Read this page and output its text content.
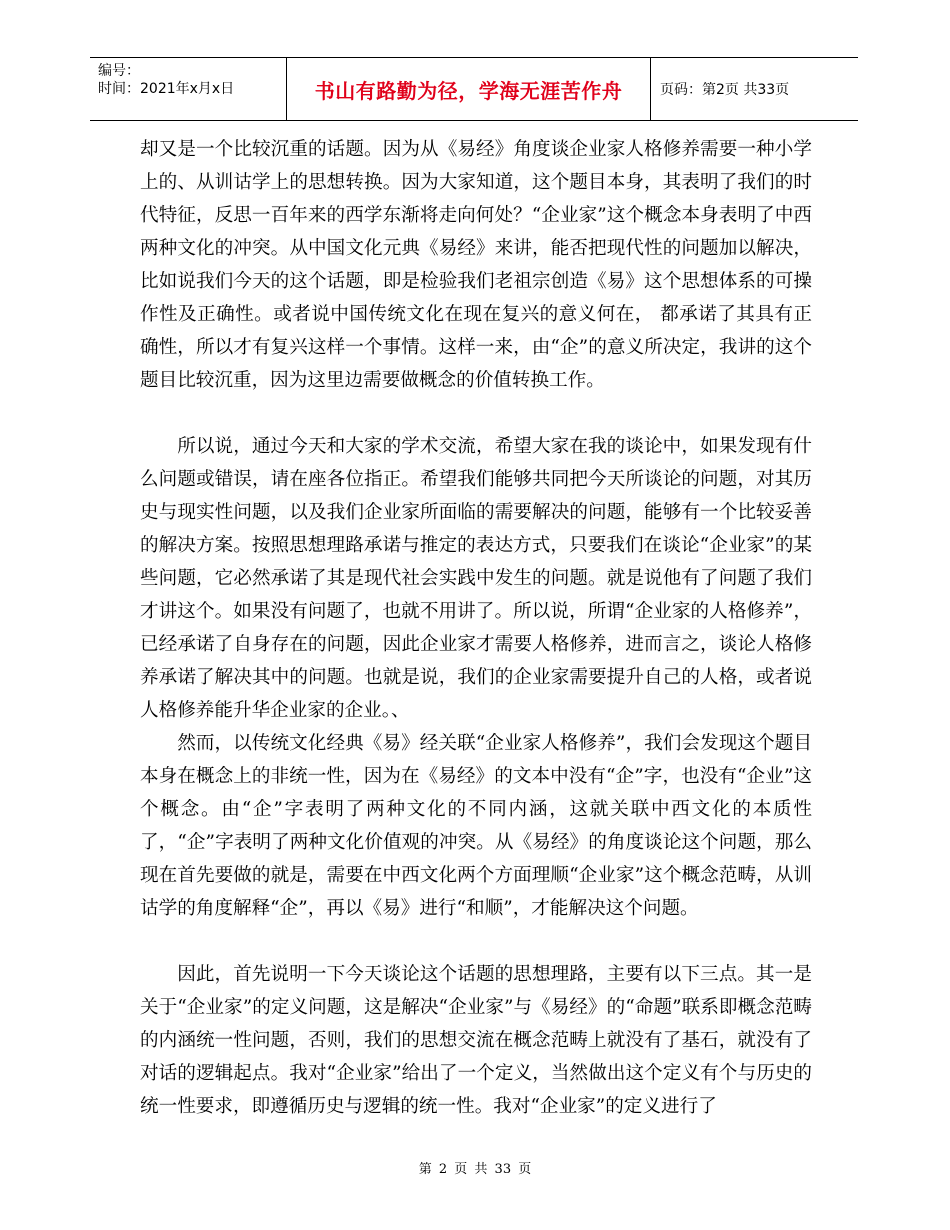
编号：
时间：2021年x月x日	书山有路勤为径，学海无涯苦作舟	页码：第2页 共33页

却又是一个比较沉重的话题。因为从《易经》角度谈企业家人格修养需要一种小学上的、从训诂学上的思想转换。因为大家知道，这个题目本身，其表明了我们的时代特征，反思一百年来的西学东渐将走向何处？“企业家”这个概念本身表明了中西两种文化的冲突。从中国文化元典《易经》来讲，能否把现代性的问题加以解决，比如说我们今天的这个话题，即是检验我们老祖宗创造《易》这个思想体系的可操作性及正确性。或者说中国传统文化在现在复兴的意义何在， 都承诺了其具有正确性，所以才有复兴这样一个事情。这样一来，由“企”的意义所决定，我讲的这个题目比较沉重，因为这里边需要做概念的价值转换工作。

所以说，通过今天和大家的学术交流，希望大家在我的谈论中，如果发现有什么问题或错误，请在座各位指正。希望我们能够共同把今天所谈论的问题，对其历史与现实性问题，以及我们企业家所面临的需要解决的问题，能够有一个比较妥善的解决方案。按照思想理路承诺与推定的表达方式，只要我们在谈论“企业家”的某些问题，它必然承诺了其是现代社会实践中发生的问题。就是说他有了问题了我们才讲这个。如果没有问题了，也就不用讲了。所以说，所谓“企业家的人格修养”，已经承诺了自身存在的问题，因此企业家才需要人格修养，进而言之，谈论人格修养承诺了解决其中的问题。也就是说，我们的企业家需要提升自己的人格，或者说人格修养能升华企业家的企业。、

然而，以传统文化经典《易》经关联“企业家人格修养”，我们会发现这个题目本身在概念上的非统一性，因为在《易经》的文本中没有“企”字，也没有“企业”这个概念。由“企”字表明了两种文化的不同内涵，这就关联中西文化的本质性了，“企”字表明了两种文化价值观的冲突。从《易经》的角度谈论这个问题，那么现在首先要做的就是，需要在中西文化两个方面理顺“企业家”这个概念范畴，从训诂学的角度解释“企”，再以《易》进行“和顺”，才能解决这个问题。

因此，首先说明一下今天谈论这个话题的思想理路，主要有以下三点。其一是关于“企业家”的定义问题，这是解决“企业家”与《易经》的“命题”联系即概念范畴的内涵统一性问题，否则，我们的思想交流在概念范畴上就没有了基石，就没有了对话的逻辑起点。我对“企业家”给出了一个定义，当然做出这个定义有个与历史的统一性要求，即遵循历史与逻辑的统一性。我对“企业家”的定义进行了

第 2 页 共 33 页
